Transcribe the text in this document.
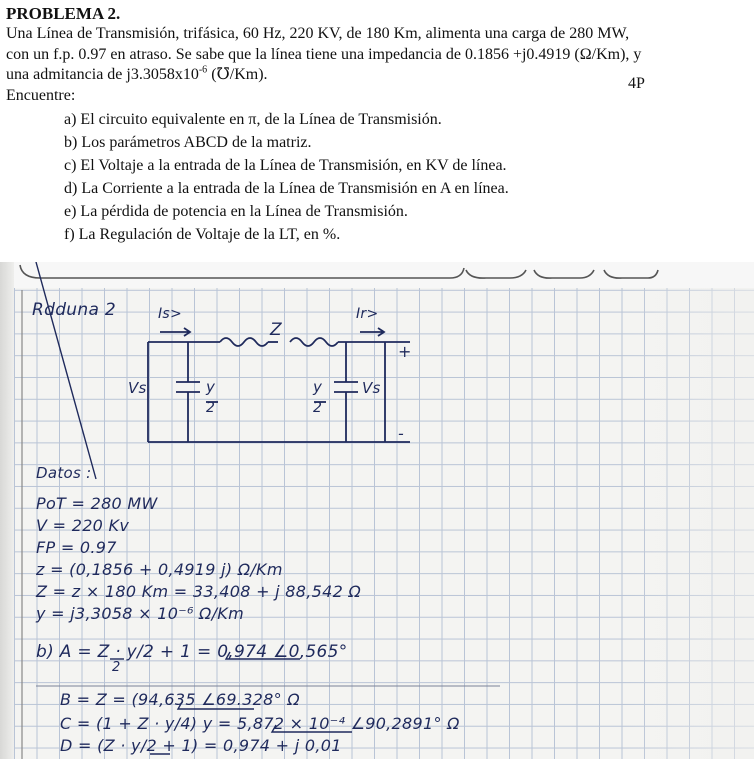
PROBLEMA 2.
Una Línea de Transmisión, trifásica, 60 Hz, 220 KV, de 180 Km, alimenta una carga de 280 MW,
con un f.p. 0.97 en atraso. Se sabe que la línea tiene una impedancia de 0.1856 +j0.4919 (Ω/Km), y
una admitancia de $j3.3058x10^{-6}$ (℧/Km).
Encuentre:
a) El circuito equivalente en π, de la Línea de Transmisión.
b) Los parámetros ABCD de la matriz.
c) El Voltaje a la entrada de la Línea de Transmisión, en KV de línea.
d) La Corriente a la entrada de la Línea de Transmisión en A en línea.
e) La pérdida de potencia en la Línea de Transmisión.
f) La Regulación de Voltaje de la LT, en %.
4P
Rdduna 2	Is>
Z
Ir>
Vs	y
2
y
2
Vs
+
-
Datos :
PoT = 280 MW
V = 220 Kv
FP = 0.97
z = (0,1856 + 0,4919 j) Ω/Km
Z = z × 180 Km = 33,408 + j 88,542 Ω
y = j3,3058 × 10⁻⁶ Ω/Km
b) A = Z · y/2 + 1 = 0,974 ∠0,565°
2
B = Z = (94,635 ∠69.328° Ω
C = (1 + Z · y/4) y = 5,872 × 10⁻⁴ ∠90,2891° Ω
D = (Z · y/2 + 1) = 0,974 + j 0,01
